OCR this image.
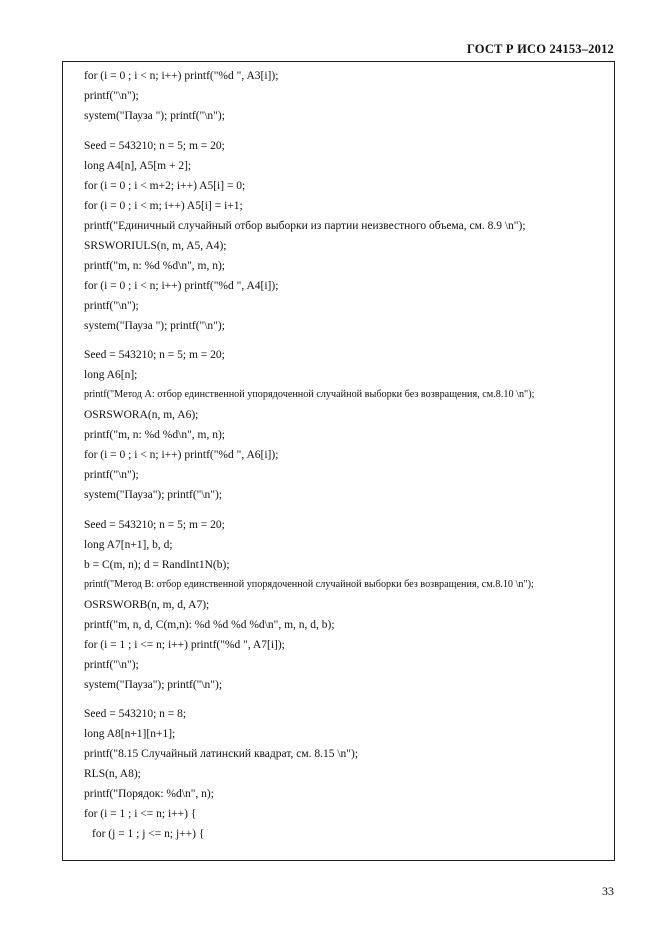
ГОСТ Р ИСО 24153–2012
for (i = 0 ; i < n; i++) printf("%d ", A3[i]);
printf("\n");
system("Пауза "); printf("\n");
Seed = 543210; n = 5; m = 20;
long A4[n], A5[m + 2];
for (i = 0 ; i < m+2; i++) A5[i] = 0;
for (i = 0 ; i < m; i++) A5[i] = i+1;
printf("Единичный случайный отбор выборки из партии неизвестного объема, см. 8.9 \n");
SRSWORIULS(n, m, A5, A4);
printf("m, n: %d %d\n", m, n);
for (i = 0 ; i < n; i++) printf("%d ", A4[i]);
printf("\n");
system("Пауза "); printf("\n");
Seed = 543210; n = 5; m = 20;
long A6[n];
printf("Метод А: отбор единственной упорядоченной случайной выборки без возвращения, см.8.10 \n");
OSRSWORA(n, m, A6);
printf("m, n: %d %d\n", m, n);
for (i = 0 ; i < n; i++) printf("%d ", A6[i]);
printf("\n");
system("Пауза"); printf("\n");
Seed = 543210; n = 5; m = 20;
long A7[n+1], b, d;
b = C(m, n); d = RandInt1N(b);
printf("Метод B: отбор единственной упорядоченной случайной выборки без возвращения, см.8.10 \n");
OSRSWORB(n, m, d, A7);
printf("m, n, d, C(m,n): %d %d %d %d\n", m, n, d, b);
for (i = 1 ; i <= n; i++) printf("%d ", A7[i]);
printf("\n");
system("Пауза"); printf("\n");
Seed = 543210; n = 8;
long A8[n+1][n+1];
printf("8.15 Случайный латинский квадрат, см. 8.15 \n");
RLS(n, A8);
printf("Порядок: %d\n", n);
for (i = 1 ; i <= n; i++) {
for (j = 1 ; j <= n; j++) {
33
